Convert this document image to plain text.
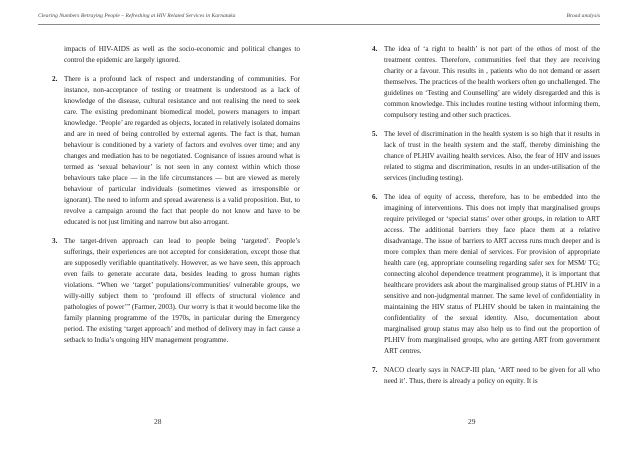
Clearing Numbers Betraying People – Refreshing at HIV Related Services in Karnataka	Broad analysis

impacts of HIV-AIDS as well as the socio-economic and political changes to control the epidemic are largely ignored.

2. There is a profound lack of respect and understanding of communities. For instance, non-acceptance of testing or treatment is understood as a lack of knowledge of the disease, cultural resistance and not realising the need to seek care. The existing predominant biomedical model, powers managers to impart knowledge. ‘People’ are regarded as objects, located in relatively isolated domains and are in need of being controlled by external agents. The fact is that, human behaviour is conditioned by a variety of factors and evolves over time; and any changes and mediation has to be negotiated. Cognisance of issues around what is termed as ‘sexual behaviour’ is not seen in any context within which those behaviours take place — in the life circumstances — but are viewed as merely behaviour of particular individuals (sometimes viewed as irresponsible or ignorant). The need to inform and spread awareness is a valid proposition. But, to revolve a campaign around the fact that people do not know and have to be educated is not just limiting and narrow but also arrogant.

3. The target-driven approach can lead to people being ‘targeted’. People’s sufferings, their experiences are not accepted for consideration, except those that are supposedly verifiable quantitatively. However, as we have seen, this approach even fails to generate accurate data, besides leading to gross human rights violations. “When we ‘target’ populations/communities/ vulnerable groups, we willy-nilly subject them to ‘profound ill effects of structural violence and pathologies of power’” (Farmer, 2003). Our worry is that it would become like the family planning programme of the 1970s, in particular during the Emergency period. The existing ‘target approach’ and method of delivery may in fact cause a setback to India’s ongoing HIV management programme.

4. The idea of ‘a right to health’ is not part of the ethos of most of the treatment centres. Therefore, communities feel that they are receiving charity or a favour. This results in , patients who do not demand or assert themselves. The practices of the health workers often go unchallenged. The guidelines on ‘Testing and Counselling’ are widely disregarded and this is common knowledge. This includes routine testing without informing them, compulsory testing and other such practices.

5. The level of discrimination in the health system is so high that it results in lack of trust in the health system and the staff, thereby diminishing the chance of PLHIV availing health services. Also, the fear of HIV and issues related to stigma and discrimination, results in an under-utilisation of the services (including testing).

6. The idea of equity of access, therefore, has to be embedded into the imagining of interventions. This does not imply that marginalised groups require privileged or ‘special status’ over other groups, in relation to ART access. The additional barriers they face place them at a relative disadvantage. The issue of barriers to ART access runs much deeper and is more complex than mere denial of services. For provision of appropriate health care (eg, appropriate counseling regarding safer sex for MSM/ TG; connecting alcohol dependence treatment programme), it is important that healthcare providers ask about the marginalised group status of PLHIV in a sensitive and non-judgmental manner. The same level of confidentiality in maintaining the HIV status of PLHIV should be taken in maintaining the confidentiality of the sexual identity. Also, documentation about marginalised group status may also help us to find out the proportion of PLHIV from marginalised groups, who are getting ART from government ART centres.

7. NACO clearly says in NACP-III plan, ‘ART need to be given for all who need it’. Thus, there is already a policy on equity. It is

28	29
